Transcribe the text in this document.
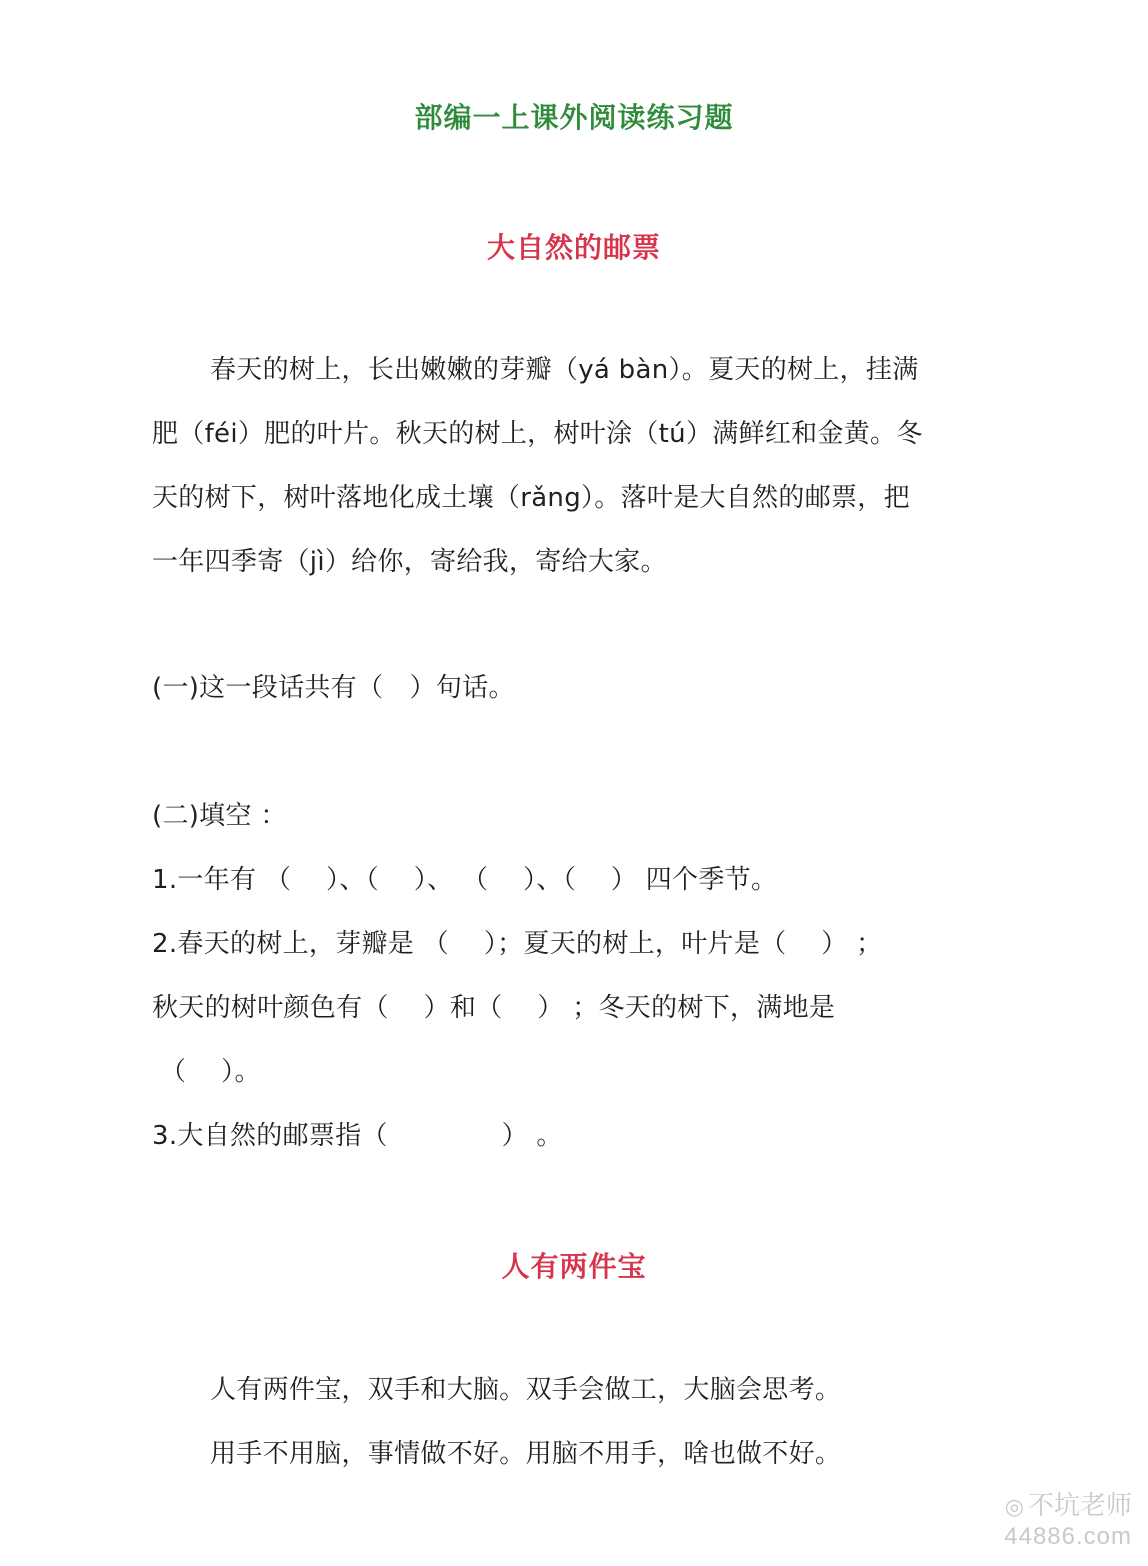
部编一上课外阅读练习题
大自然的邮票

春天的树上，长出嫩嫩的芽瓣（yá bàn）。夏天的树上，挂满

肥（féi）肥的叶片。秋天的树上，树叶涂（tú）满鲜红和金黄。冬

天的树下，树叶落地化成土壤（rǎng）。落叶是大自然的邮票，把

一年四季寄（jì）给你，寄给我，寄给大家。

(一)这一段话共有（　）句话。

(二)填空 ：

1.一年有 （　 ）、（　 ）、 （　 ）、（　 ） 四个季节。

2.春天的树上，芽瓣是 （　 ）；夏天的树上，叶片是（　 ） ；

秋天的树叶颜色有（　 ）和（　 ） ；冬天的树下，满地是

（　 ）。

3.大自然的邮票指（　　　　 ） 。

人有两件宝

人有两件宝，双手和大脑。双手会做工，大脑会思考。

用手不用脑，事情做不好。用脑不用手，啥也做不好。

◎ 不坑老师
44886.com
